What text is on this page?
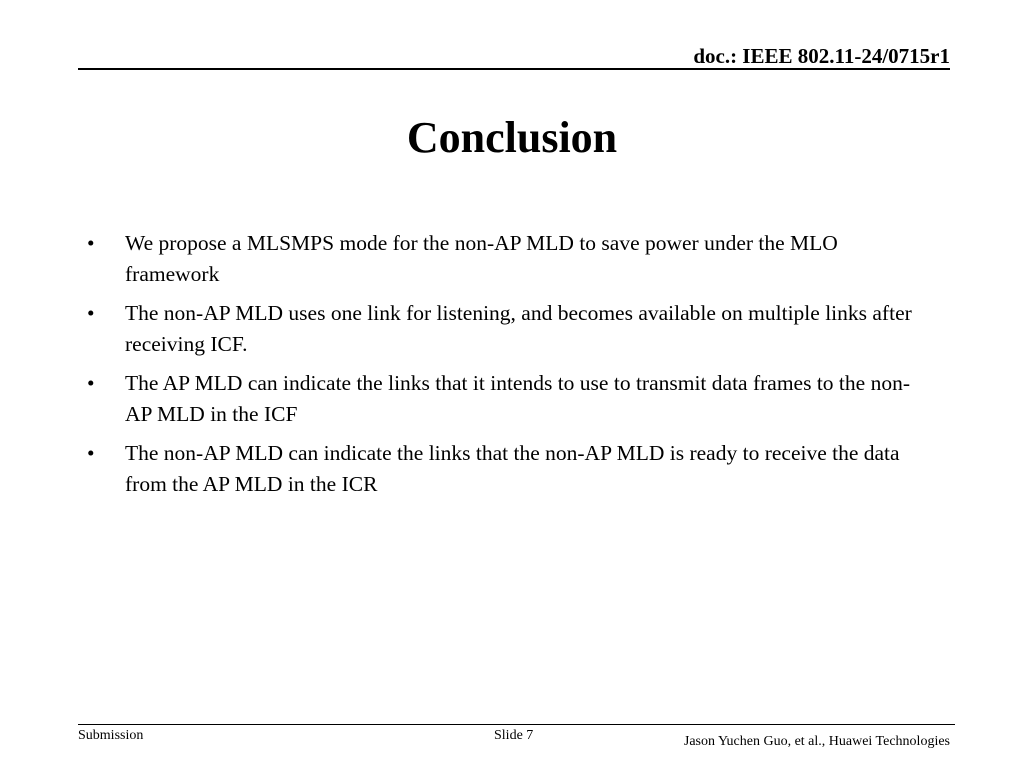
doc.: IEEE 802.11-24/0715r1
Conclusion
• We propose a MLSMPS mode for the non-AP MLD to save power under the MLO framework
• The non-AP MLD uses one link for listening, and becomes available on multiple links after receiving ICF.
• The AP MLD can indicate the links that it intends to use to transmit data frames to the non-AP MLD in the ICF
• The non-AP MLD can indicate the links that the non-AP MLD is ready to receive the data from the AP MLD in the ICR
Submission	Slide 7	Jason Yuchen Guo, et al., Huawei Technologies
